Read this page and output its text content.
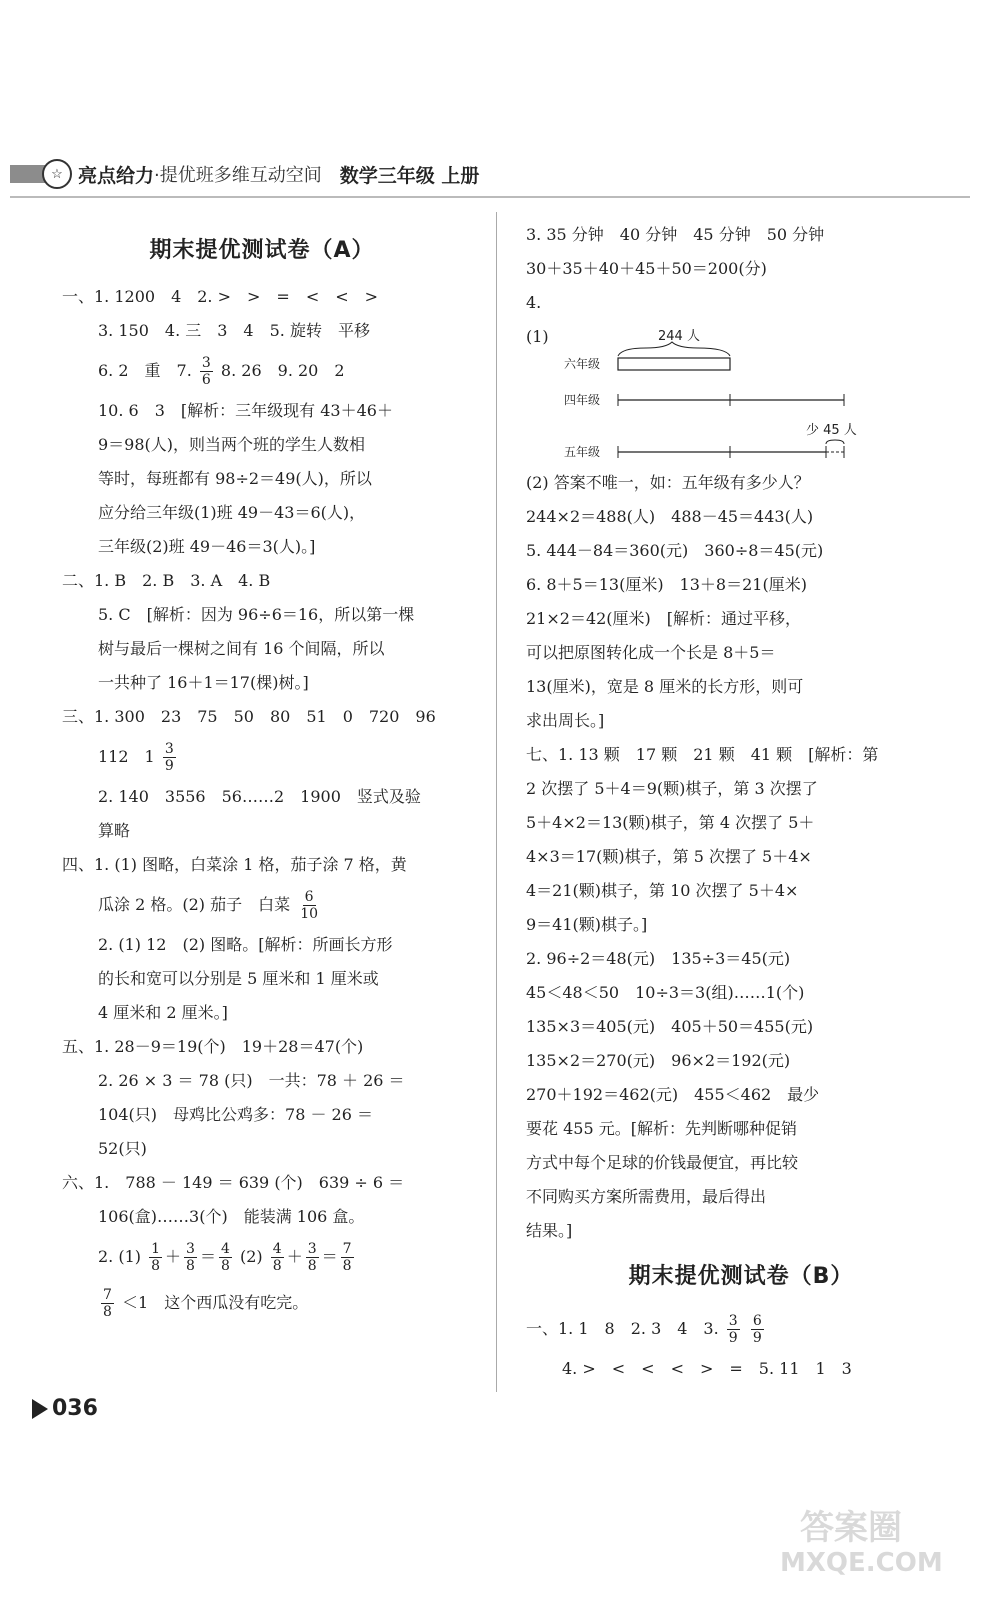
☆ 亮点给力 ·提优班多维互动空间 数学三年级 上册
期末提优测试卷（A）
一、1. 1200　4　2. >　>　=　<　<　>
3. 150　4. 三　3　4　5. 旋转　平移
6. 2　重　7. $\frac{3}{6} 8$. 26　9. 20　2
10. 6　3　[解析：三年级现有 43＋46＋
9＝98(人)，则当两个班的学生人数相
等时，每班都有 98÷2＝49(人)，所以
应分给三年级(1)班 49－43＝6(人)，
三年级(2)班 49－46＝3(人)。]
二、1. B　2. B　3. A　4. B
5. C　[解析：因为 96÷6＝16，所以第一棵
树与最后一棵树之间有 16 个间隔，所以
一共种了 16＋1＝17(棵)树。]
三、1. 300　23　75　50　80　51　0　720　96
112　$1 \frac{3}{9}$
2. 140　3556　56……2　1900　竖式及验
算略
四、1. (1) 图略，白菜涂 1 格，茄子涂 7 格，黄
瓜涂 2 格。(2) 茄子　白菜 $\frac{6}{10}$
2. (1) 12　(2) 图略。[解析：所画长方形
的长和宽可以分别是 5 厘米和 1 厘米或
4 厘米和 2 厘米。]
五、1. 28－9＝19(个)　19＋28＝47(个)
2. 26 × 3 ＝ 78 (只)　一共：78 ＋ 26 ＝
104(只)　母鸡比公鸡多：78 － 26 ＝
52(只)
六、1.　788 － 149 ＝ 639 (个)　639 ÷ 6 ＝
106(盒)……3(个)　能装满 106 盒。
2. $(1) \frac{1}{8} + \frac{3}{8} = \frac{4}{8} (2) \frac{4}{8} + \frac{3}{8} = \frac{7}{8}$
$\frac{7}{8} <1$　这个西瓜没有吃完。
3. 35 分钟　40 分钟　45 分钟　50 分钟
30＋35＋40＋45＋50＝200(分)
4.
(1)
六年级
244 人
四年级
少 45 人
五年级
(2) 答案不唯一，如：五年级有多少人？
244×2＝488(人)　488－45＝443(人)
5. 444－84＝360(元)　360÷8＝45(元)
6. 8＋5＝13(厘米)　13＋8＝21(厘米)
21×2＝42(厘米)　[解析：通过平移，
可以把原图转化成一个长是 8＋5＝
13(厘米)，宽是 8 厘米的长方形，则可
求出周长。]
七、1. 13 颗　17 颗　21 颗　41 颗　[解析：第
2 次摆了 5＋4＝9(颗)棋子，第 3 次摆了
5＋4×2＝13(颗)棋子，第 4 次摆了 5＋
4×3＝17(颗)棋子，第 5 次摆了 5＋4×
4＝21(颗)棋子，第 10 次摆了 5＋4×
9＝41(颗)棋子。]
2. 96÷2＝48(元)　135÷3＝45(元)
45＜48＜50　10÷3＝3(组)……1(个)
135×3＝405(元)　405＋50＝455(元)
135×2＝270(元)　96×2＝192(元)
270＋192＝462(元)　455＜462　最少
要花 455 元。[解析：先判断哪种促销
方式中每个足球的价钱最便宜，再比较
不同购买方案所需费用，最后得出
结果。]
期末提优测试卷（B）
一、1. 1　8　2. 3　4　3. $\frac{3}{9}$
$\frac{6}{9}$
4. >　<　<　<　>　=　5. 11　1　3
036
答案圈
MXQE.COM
